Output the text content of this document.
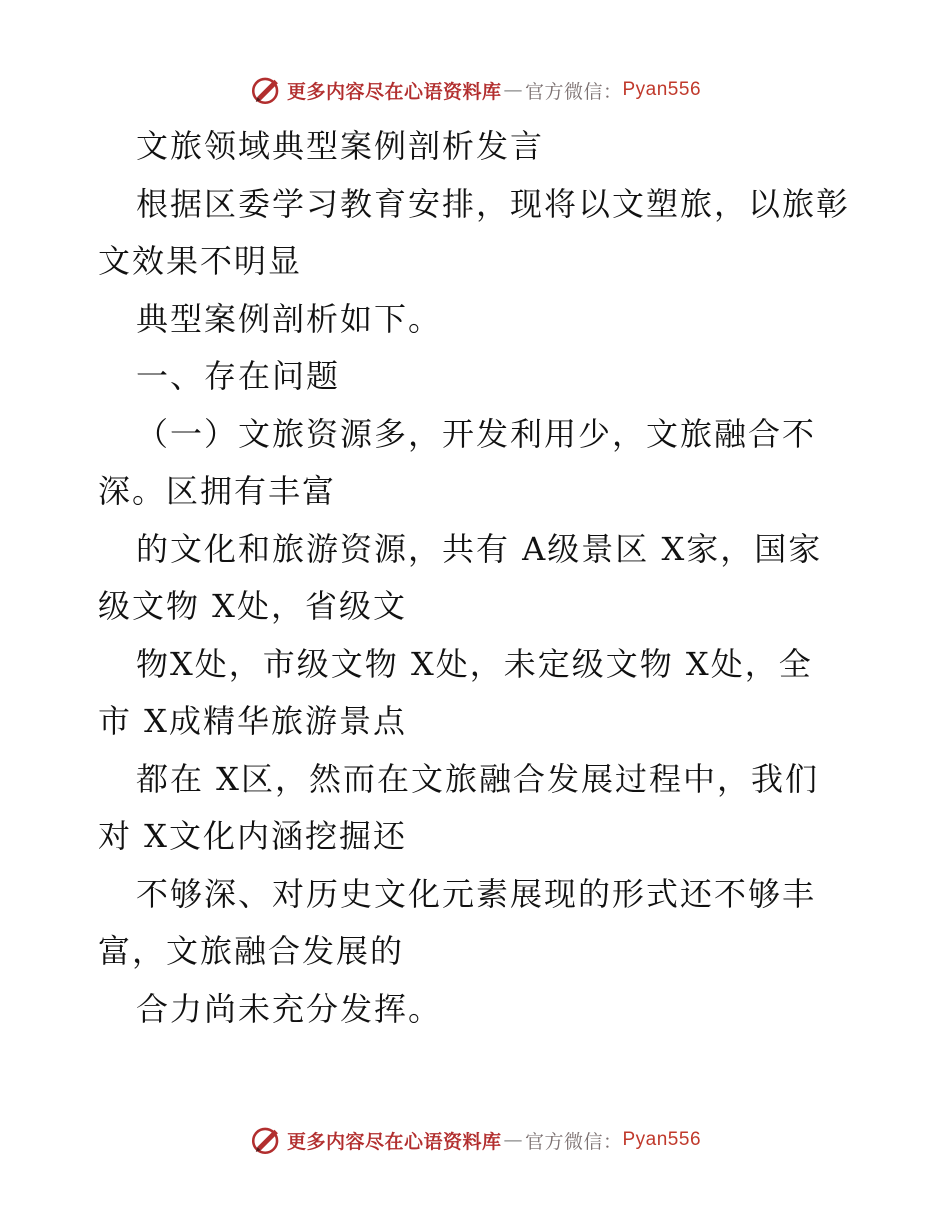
更多内容尽在心语资料库 — 官方微信： Pyan556
文旅领域典型案例剖析发言
根据区委学习教育安排，现将以文塑旅，以旅彰
文效果不明显
典型案例剖析如下。
一、存在问题
（一）文旅资源多，开发利用少，文旅融合不
深。区拥有丰富
的文化和旅游资源，共有 A级景区 X家，国家
级文物 X处，省级文
物X处，市级文物 X处，未定级文物 X处，全
市 X成精华旅游景点
都在 X区，然而在文旅融合发展过程中，我们
对 X文化内涵挖掘还
不够深、对历史文化元素展现的形式还不够丰
富，文旅融合发展的
合力尚未充分发挥。
更多内容尽在心语资料库 — 官方微信： Pyan556
